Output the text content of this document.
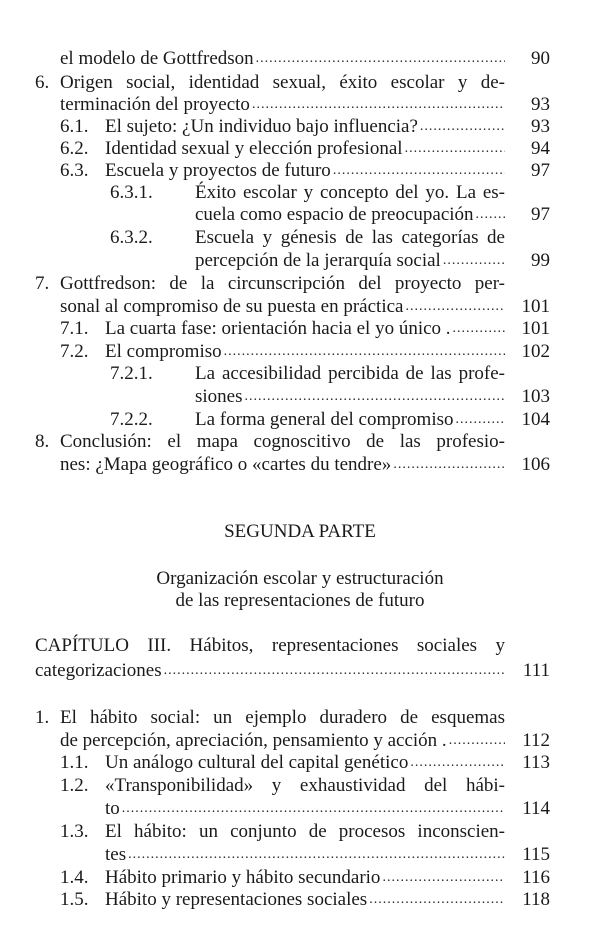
el modelo de Gottfredson .....	90
6. Origen social, identidad sexual, éxito escolar y de-
terminación del proyecto .....	93
6.1. El sujeto: ¿Un individuo bajo influencia? .....	93
6.2. Identidad sexual y elección profesional .....	94
6.3. Escuela y proyectos de futuro .....	97
6.3.1. Éxito escolar y concepto del yo. La es-
cuela como espacio de preocupación .....	97
6.3.2. Escuela y génesis de las categorías de
percepción de la jerarquía social .....	99
7. Gottfredson: de la circunscripción del proyecto per-
sonal al compromiso de su puesta en práctica .....	101
7.1. La cuarta fase: orientación hacia el yo único . .....	101
7.2. El compromiso .....	102
7.2.1. La accesibilidad percibida de las profe-
siones .....	103
7.2.2. La forma general del compromiso .....	104
8. Conclusión: el mapa cognoscitivo de las profesio-
nes: ¿Mapa geográfico o «cartes du tendre» .....	106
CAPÍTULO III. Hábitos, representaciones sociales y
categorizaciones .....	111
1. El hábito social: un ejemplo duradero de esquemas
de percepción, apreciación, pensamiento y acción . .....	112
1.1. Un análogo cultural del capital genético .....	113
1.2. «Transponibilidad» y exhaustividad del hábi-
to .....	114
1.3. El hábito: un conjunto de procesos inconscien-
tes .....	115
1.4. Hábito primario y hábito secundario .....	116
1.5. Hábito y representaciones sociales .....	118
SEGUNDA PARTE
Organización escolar y estructuración
de las representaciones de futuro
